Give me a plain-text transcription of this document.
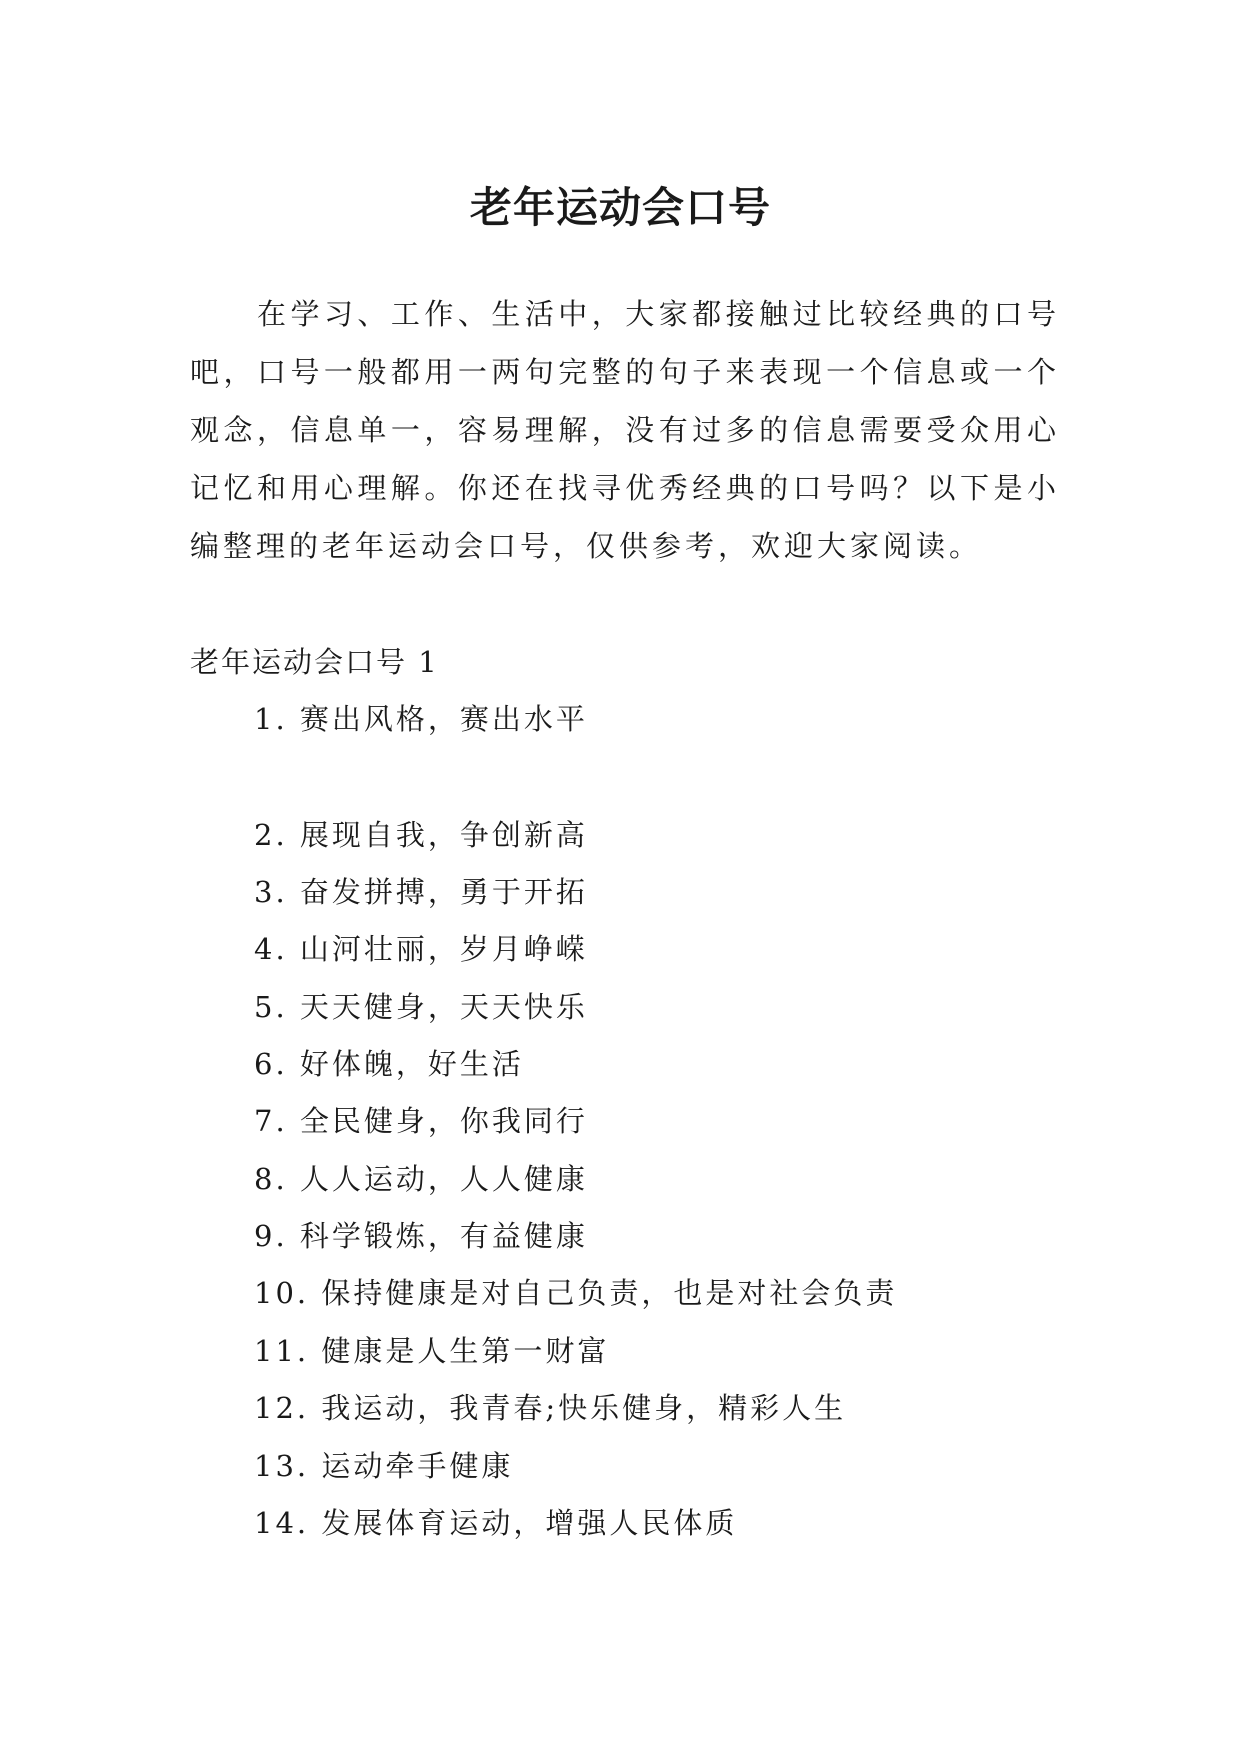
老年运动会口号

在学习、工作、生活中，大家都接触过比较经典的口号吧，口号一般都用一两句完整的句子来表现一个信息或一个观念，信息单一，容易理解，没有过多的信息需要受众用心记忆和用心理解。你还在找寻优秀经典的口号吗？以下是小编整理的老年运动会口号，仅供参考，欢迎大家阅读。

老年运动会口号 1

1. 赛出风格，赛出水平
2. 展现自我，争创新高
3. 奋发拼搏，勇于开拓
4. 山河壮丽，岁月峥嵘
5. 天天健身，天天快乐
6. 好体魄，好生活
7. 全民健身，你我同行
8. 人人运动，人人健康
9. 科学锻炼，有益健康
10. 保持健康是对自己负责，也是对社会负责
11. 健康是人生第一财富
12. 我运动，我青春;快乐健身，精彩人生
13. 运动牵手健康
14. 发展体育运动，增强人民体质
